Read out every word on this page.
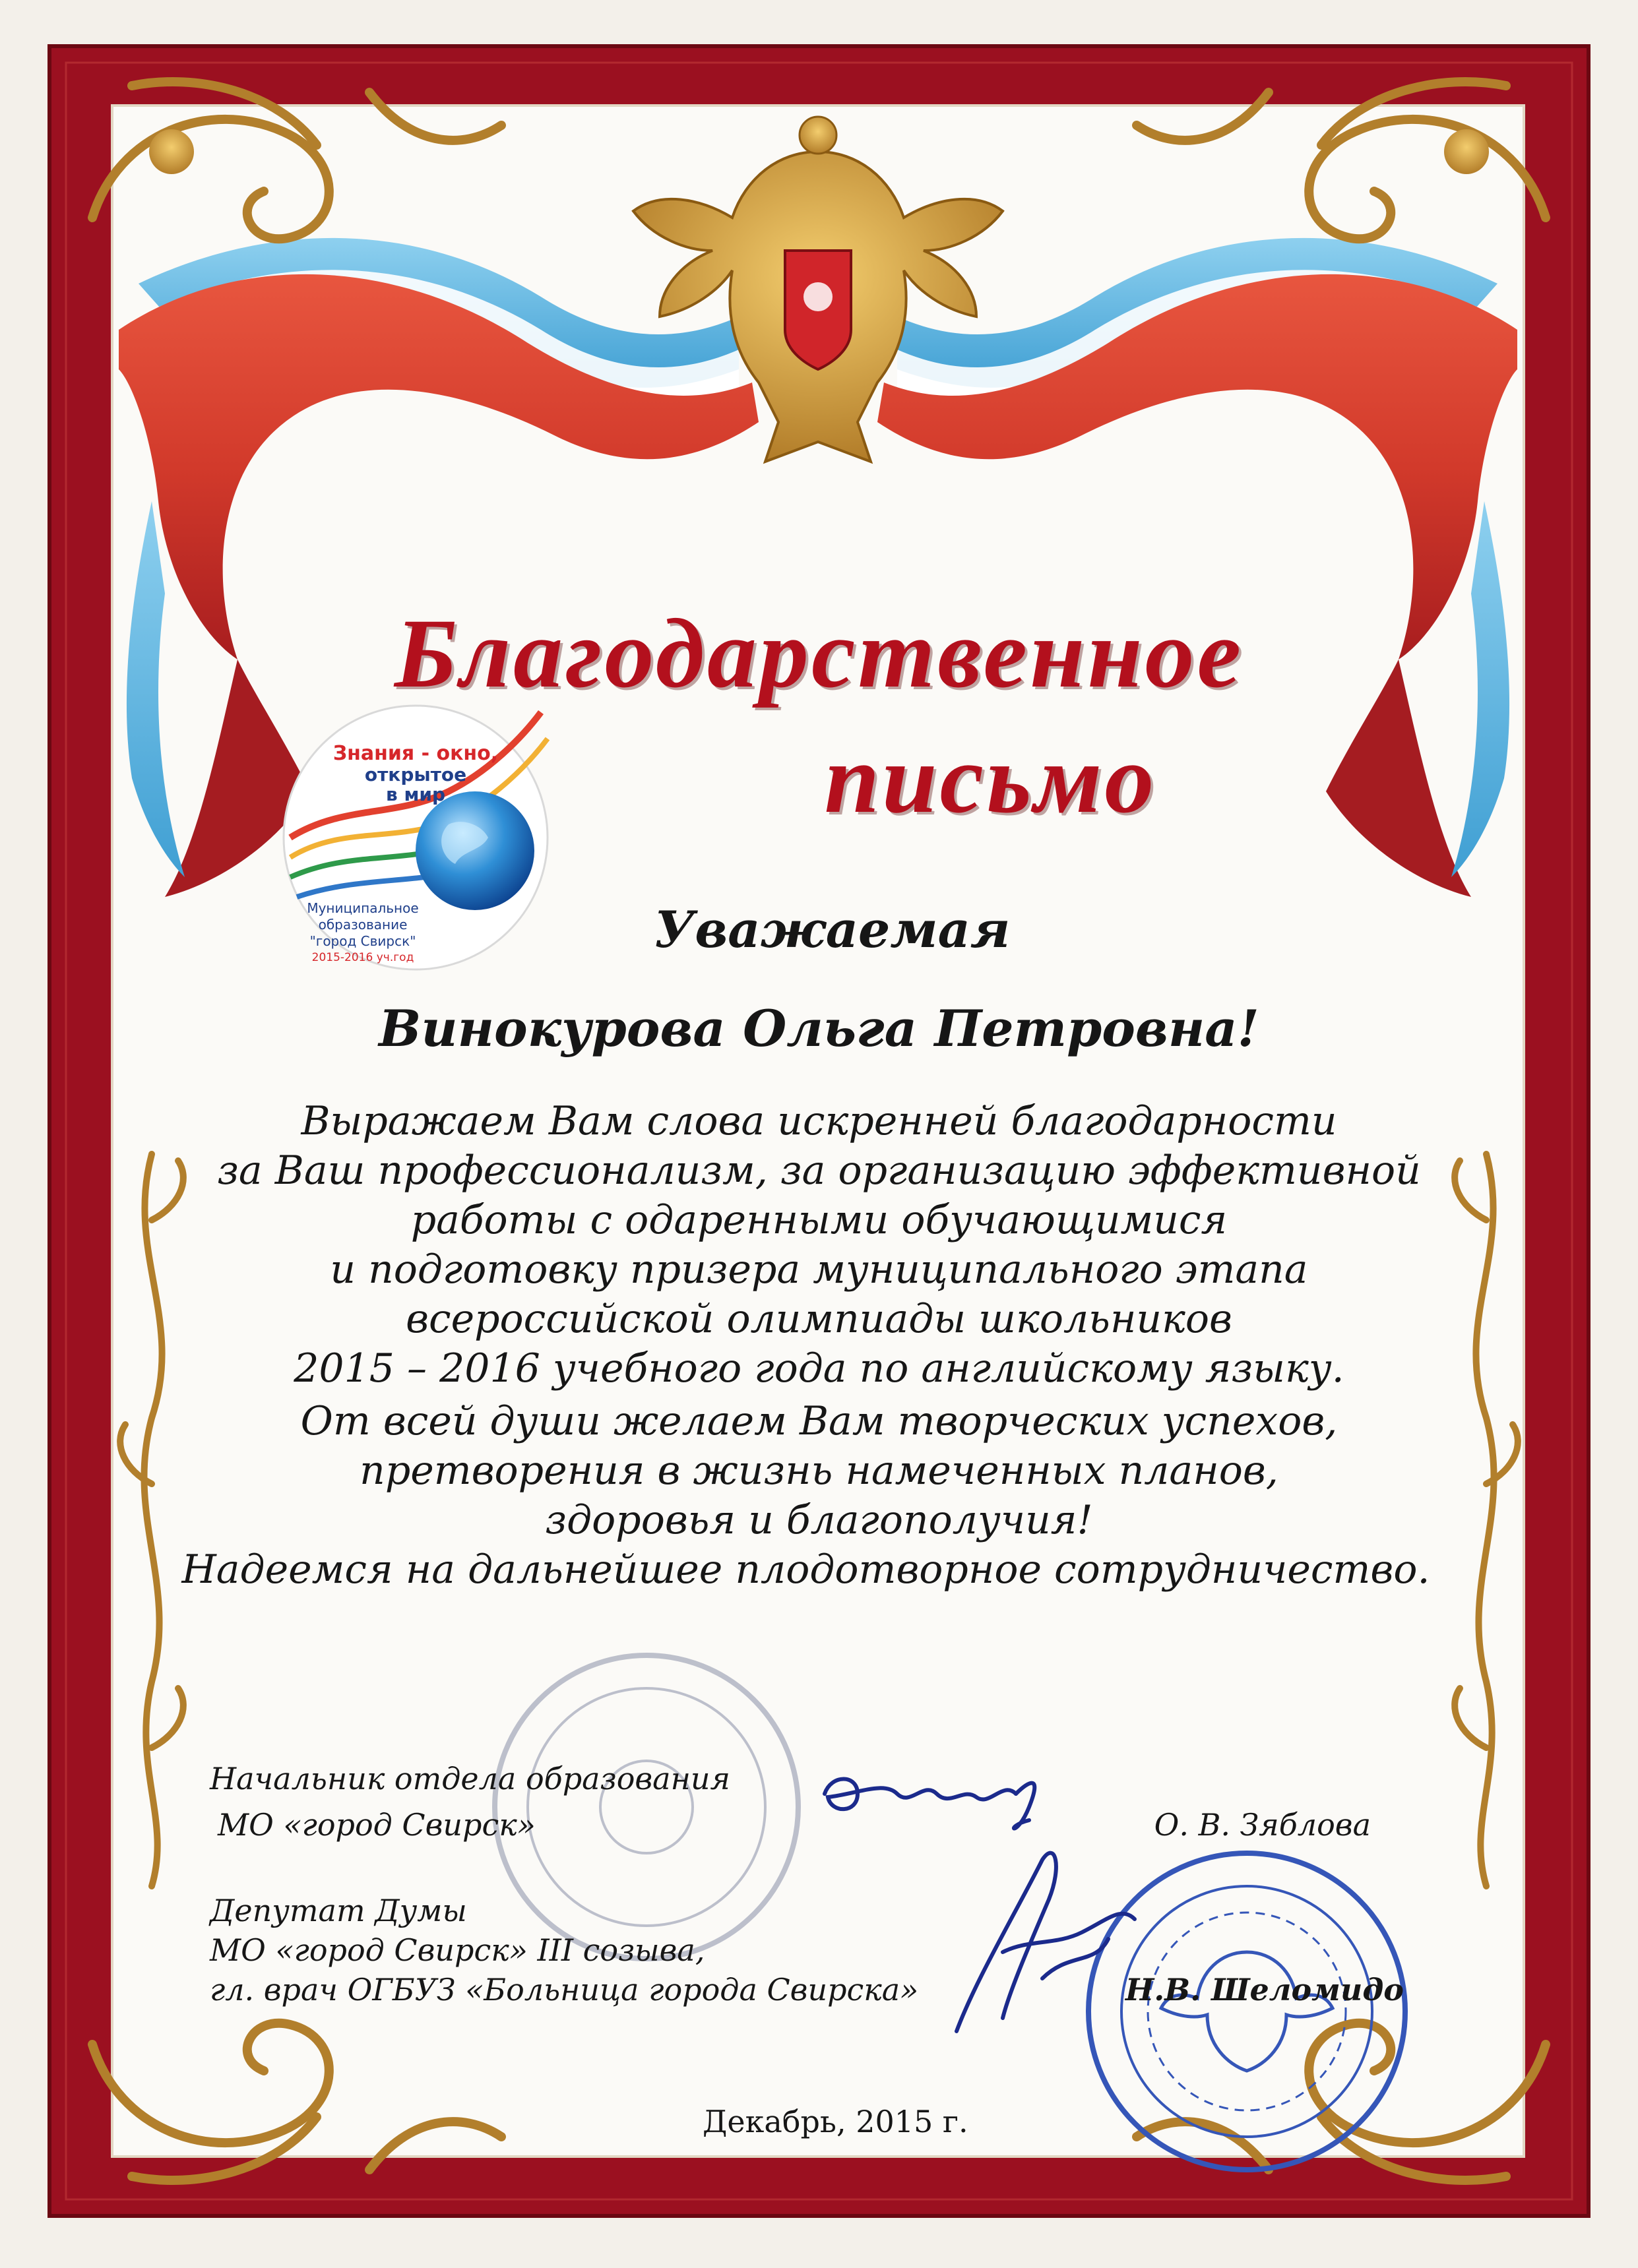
Знания - окно,
открытое
в мир
Муниципальное
образование
"город Свирск"
2015-2016 уч.год
Благодарственное
письмо
Уважаемая
Винокурова Ольга Петровна!
Выражаем Вам слова искренней благодарности
за Ваш профессионализм, за организацию эффективной
работы с одаренными обучающимися
и подготовку призера муниципального этапа
всероссийской олимпиады школьников
2015 – 2016 учебного года по английскому языку.
От всей души желаем Вам творческих успехов,
претворения в жизнь намеченных планов,
здоровья и благополучия!
Надеемся на дальнейшее плодотворное сотрудничество.
Начальник отдела образования
МО «город Свирск»	О. В. Зяблова
Депутат Думы
МО «город Свирск» III созыва,
гл. врач ОГБУЗ «Больница города Свирска»	Н.В. Шеломидо
Декабрь, 2015 г.
